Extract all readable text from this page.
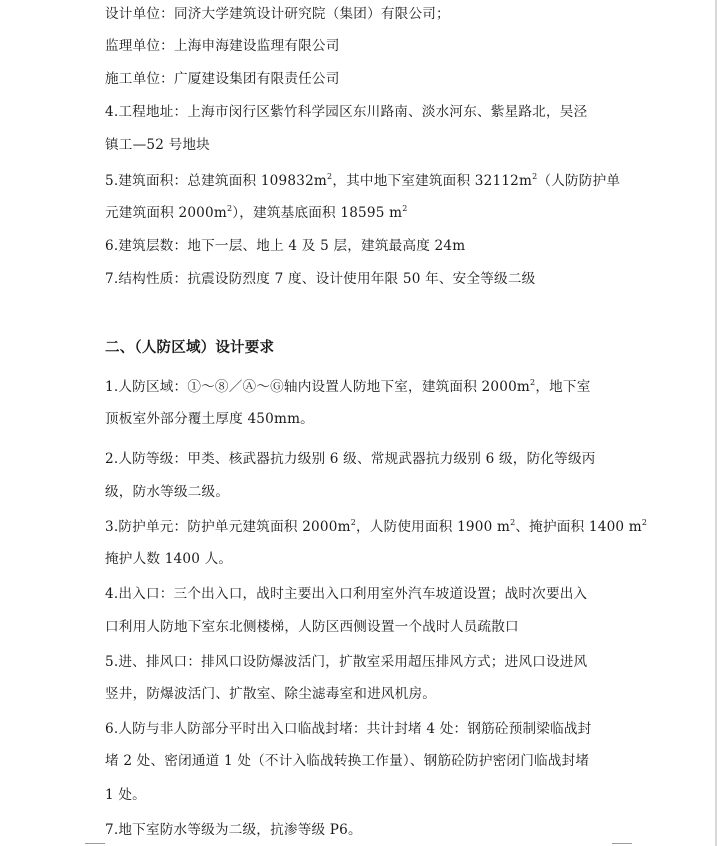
设计单位：同济大学建筑设计研究院（集团）有限公司；
监理单位：上海申海建设监理有限公司
施工单位：广厦建设集团有限责任公司
4.工程地址：上海市闵行区紫竹科学园区东川路南、淡水河东、紫星路北，吴泾
镇工—52 号地块
5.建筑面积：总建筑面积 $109832m^2$，其中地下室建筑面积 $32112m^2$（人防防护单
元建筑面积 $2000m^2$），建筑基底面积 18595 $m^2$
6.建筑层数：地下一层、地上 4 及 5 层，建筑最高度 24m
7.结构性质：抗震设防烈度 7 度、设计使用年限 50 年、安全等级二级
二、（人防区域）设计要求
1.人防区域：①～⑧／Ⓐ～Ⓖ轴内设置人防地下室，建筑面积 $2000m^2$，地下室
顶板室外部分覆土厚度 450mm。
2.人防等级：甲类、核武器抗力级别 6 级、常规武器抗力级别 6 级，防化等级丙
级，防水等级二级。
3.防护单元：防护单元建筑面积 $2000m^2$，人防使用面积 1900 $m^2$、掩护面积 1400 $m^2$
掩护人数 1400 人。
4.出入口：三个出入口，战时主要出入口利用室外汽车坡道设置；战时次要出入
口利用人防地下室东北侧楼梯，人防区西侧设置一个战时人员疏散口
5.进、排风口：排风口设防爆波活门，扩散室采用超压排风方式；进风口设进风
竖井，防爆波活门、扩散室、除尘滤毒室和进风机房。
6.人防与非人防部分平时出入口临战封堵：共计封堵 4 处：钢筋砼预制梁临战封
堵 2 处、密闭通道 1 处（不计入临战转换工作量）、钢筋砼防护密闭门临战封堵
1 处。
7.地下室防水等级为二级，抗渗等级 P6。
